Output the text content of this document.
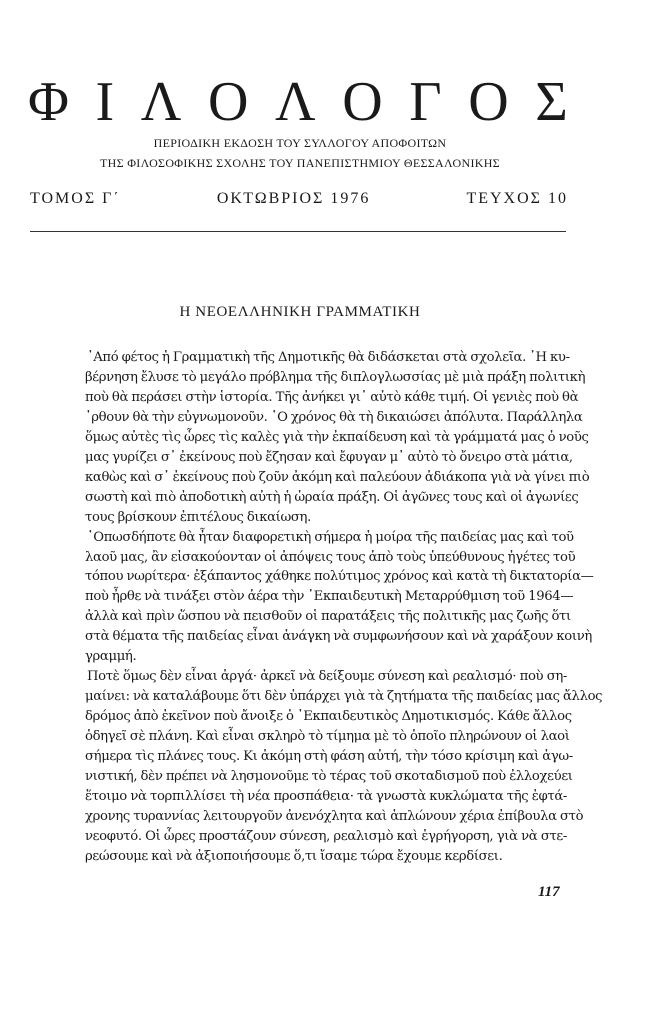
Φ Ι Λ Ο Λ Ο Γ Ο Σ
ΠΕΡΙΟΔΙΚΗ ΕΚΔΟΣΗ ΤΟΥ ΣΥΛΛΟΓΟΥ ΑΠΟΦΟΙΤΩΝ
ΤΗΣ ΦΙΛΟΣΟΦΙΚΗΣ ΣΧΟΛΗΣ ΤΟΥ ΠΑΝΕΠΙΣΤΗΜΙΟΥ ΘΕΣΣΑΛΟΝΙΚΗΣ
ΤΟΜΟΣ Γ΄	ΟΚΤΩΒΡΙΟΣ 1976	ΤΕΥΧΟΣ 10
Η ΝΕΟΕΛΛΗΝΙΚΗ ΓΡΑΜΜΑΤΙΚΗ
᾽Από φέτος ἡ Γραμματικὴ τῆς Δημοτικῆς θὰ διδάσκεται στὰ σχολεῖα. ᾽Η κυ-
βέρνηση ἔλυσε τὸ μεγάλο πρόβλημα τῆς διπλογλωσσίας μὲ μιὰ πράξη πολιτικὴ
ποὺ θὰ περάσει στὴν ἱστορία. Τῆς ἀνήκει γι᾽ αὐτὸ κάθε τιμή. Οἱ γενιὲς ποὺ θὰ
᾽ρθουν θὰ τὴν εὐγνωμονοῦν. ῾Ο χρόνος θὰ τὴ δικαιώσει ἀπόλυτα. Παράλληλα
ὅμως αὐτὲς τὶς ὧρες τὶς καλὲς γιὰ τὴν ἐκπαίδευση καὶ τὰ γράμματά μας ὁ νοῦς
μας γυρίζει σ᾽ ἐκείνους ποὺ ἔζησαν καὶ ἔφυγαν μ᾽ αὐτὸ τὸ ὄνειρο στὰ μάτια,
καθὼς καὶ σ᾽ ἐκείνους ποὺ ζοῦν ἀκόμη καὶ παλεύουν ἀδιάκοπα γιὰ νὰ γίνει πιὸ
σωστὴ καὶ πιὸ ἀποδοτικὴ αὐτὴ ἡ ὡραία πράξη. Οἱ ἀγῶνες τους καὶ οἱ ἀγωνίες
τους βρίσκουν ἐπιτέλους δικαίωση.
῾Οπωσδήποτε θὰ ἦταν διαφορετικὴ σήμερα ἡ μοίρα τῆς παιδείας μας καὶ τοῦ
λαοῦ μας, ἂν εἰσακούονταν οἱ ἀπόψεις τους ἀπὸ τοὺς ὑπεύθυνους ἡγέτες τοῦ
τόπου νωρίτερα· ἐξάπαντος χάθηκε πολύτιμος χρόνος καὶ κατὰ τὴ δικτατορία—
ποὺ ἦρθε νὰ τινάξει στὸν ἀέρα τὴν ᾽Εκπαιδευτικὴ Μεταρρύθμιση τοῦ 1964—
ἀλλὰ καὶ πρὶν ὥσπου νὰ πεισθοῦν οἱ παρατάξεις τῆς πολιτικῆς μας ζωῆς ὅτι
στὰ θέματα τῆς παιδείας εἶναι ἀνάγκη νὰ συμφωνήσουν καὶ νὰ χαράξουν κοινὴ
γραμμή.
Ποτὲ ὅμως δὲν εἶναι ἀργά· ἀρκεῖ νὰ δείξουμε σύνεση καὶ ρεαλισμό· ποὺ ση-
μαίνει: νὰ καταλάβουμε ὅτι δὲν ὑπάρχει γιὰ τὰ ζητήματα τῆς παιδείας μας ἄλλος
δρόμος ἀπὸ ἐκεῖνον ποὺ ἄνοιξε ὁ ᾽Εκπαιδευτικὸς Δημοτικισμός. Κάθε ἄλλος
ὁδηγεῖ σὲ πλάνη. Καὶ εἶναι σκληρὸ τὸ τίμημα μὲ τὸ ὁποῖο πληρώνουν οἱ λαοὶ
σήμερα τὶς πλάνες τους. Κι ἀκόμη στὴ φάση αὐτή, τὴν τόσο κρίσιμη καὶ ἀγω-
νιστική, δὲν πρέπει νὰ λησμονοῦμε τὸ τέρας τοῦ σκοταδισμοῦ ποὺ ἐλλοχεύει
ἕτοιμο νὰ τορπιλλίσει τὴ νέα προσπάθεια· τὰ γνωστὰ κυκλώματα τῆς ἑφτά-
χρονης τυραννίας λειτουργοῦν ἀνενόχλητα καὶ ἁπλώνουν χέρια ἐπίβουλα στὸ
νεοφυτό. Οἱ ὧρες προστάζουν σύνεση, ρεαλισμὸ καὶ ἐγρήγορση, γιὰ νὰ στε-
ρεώσουμε καὶ νὰ ἀξιοποιήσουμε ὅ,τι ἴσαμε τώρα ἔχουμε κερδίσει.
117
